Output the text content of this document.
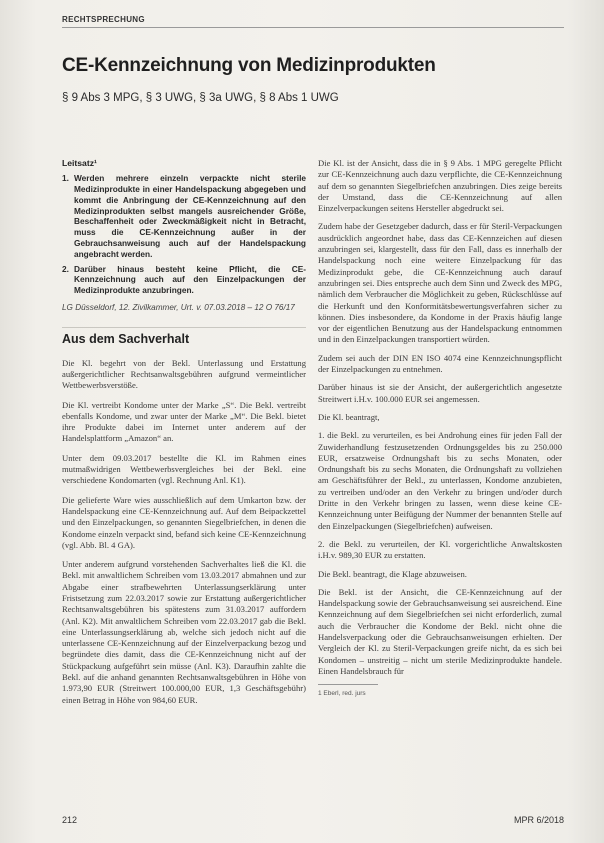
RECHTSPRECHUNG
CE-Kennzeichnung von Medizinprodukten
§ 9 Abs 3 MPG, § 3 UWG, § 3a UWG, § 8 Abs 1 UWG
Leitsatz¹
1. Werden mehrere einzeln verpackte nicht sterile Medizinprodukte in einer Handelspackung abgegeben und kommt die Anbringung der CE-Kennzeichnung auf den Medizinprodukten selbst mangels ausreichender Größe, Beschaffenheit oder Zweckmäßigkeit nicht in Betracht, muss die CE-Kennzeichnung außer in der Gebrauchsanweisung auch auf der Handelspackung angebracht werden.
2. Darüber hinaus besteht keine Pflicht, die CE-Kennzeichnung auch auf den Einzelpackungen der Medizinprodukte anzubringen.
LG Düsseldorf, 12. Zivilkammer, Urt. v. 07.03.2018 – 12 O 76/17
Aus dem Sachverhalt

Die Kl. begehrt von der Bekl. Unterlassung und Erstattung außergerichtlicher Rechtsanwaltsgebühren aufgrund vermeintlicher Wettbewerbsverstöße.

Die Kl. vertreibt Kondome unter der Marke „S“. Die Bekl. vertreibt ebenfalls Kondome, und zwar unter der Marke „M“. Die Bekl. bietet ihre Produkte dabei im Internet unter anderem auf der Handelsplattform „Amazon“ an.

Unter dem 09.03.2017 bestellte die Kl. im Rahmen eines mutmaßwidrigen Wettbewerbsvergleiches bei der Bekl. eine verschiedene Kondomarten (vgl. Rechnung Anl. K1).

Die gelieferte Ware wies ausschließlich auf dem Umkarton bzw. der Handelspackung eine CE-Kennzeichnung auf. Auf dem Beipackzettel und den Einzelpackungen, so genannten Siegelbriefchen, in denen die Kondome einzeln verpackt sind, befand sich keine CE-Kennzeichnung (vgl. Abb. Bl. 4 GA).

Unter anderem aufgrund vorstehenden Sachverhaltes ließ die Kl. die Bekl. mit anwaltlichem Schreiben vom 13.03.2017 abmahnen und zur Abgabe einer strafbewehrten Unterlassungserklärung unter Fristsetzung zum 22.03.2017 sowie zur Erstattung außergerichtlicher Rechtsanwaltsgebühren bis spätestens zum 31.03.2017 auffordern (Anl. K2). Mit anwaltlichem Schreiben vom 22.03.2017 gab die Bekl. eine Unterlassungserklärung ab, welche sich jedoch nicht auf die unterlassene CE-Kennzeichnung auf der Einzelverpackung bezog und begründete dies damit, dass die CE-Kennzeichnung nicht auf der Stückpackung aufgeführt sein müsse (Anl. K3). Daraufhin zahlte die Bekl. auf die anhand genannten Rechtsanwaltsgebühren in Höhe von 1.973,90 EUR (Streitwert 100.000,00 EUR, 1,3 Geschäftsgebühr) einen Betrag in Höhe von 984,60 EUR.

Die Kl. ist der Ansicht, dass die in § 9 Abs. 1 MPG geregelte Pflicht zur CE-Kennzeichnung auch dazu verpflichte, die CE-Kennzeichnung auf dem so genannten Siegelbriefchen anzubringen. Dies zeige bereits der Umstand, dass die CE-Kennzeichnung auf allen Einzelverpackungen seitens Hersteller abgedruckt sei.

Zudem habe der Gesetzgeber dadurch, dass er für Steril-Verpackungen ausdrücklich angeordnet habe, dass das CE-Kennzeichen auf diesen anzubringen sei, klargestellt, dass für den Fall, dass es innerhalb der Handelspackung noch eine weitere Einzelpackung für das Medizinprodukt gebe, die CE-Kennzeichnung auch darauf anzubringen sei. Dies entspreche auch dem Sinn und Zweck des MPG, nämlich dem Verbraucher die Möglichkeit zu geben, Rückschlüsse auf die Herkunft und den Konformitätsbewertungsverfahren sicher zu können. Dies insbesondere, da Kondome in der Praxis häufig lange vor der eigentlichen Benutzung aus der Handelspackung entnommen und in den Einzelpackungen transportiert würden.

Zudem sei auch der DIN EN ISO 4074 eine Kennzeichnungspflicht der Einzelpackungen zu entnehmen.

Darüber hinaus ist sie der Ansicht, der außergerichtlich angesetzte Streitwert i.H.v. 100.000 EUR sei angemessen.

Die Kl. beantragt,

1. die Bekl. zu verurteilen, es bei Androhung eines für jeden Fall der Zuwiderhandlung festzusetzenden Ordnungsgeldes bis zu 250.000 EUR, ersatzweise Ordnungshaft bis zu sechs Monaten, oder Ordnungshaft bis zu sechs Monaten, die Ordnungshaft zu vollziehen am Geschäftsführer der Bekl., zu unterlassen, Kondome anzubieten, zu vertreiben und/oder an den Verkehr zu bringen und/oder durch Dritte in den Verkehr bringen zu lassen, wenn diese keine CE-Kennzeichnung unter Beifügung der Nummer der benannten Stelle auf den Einzelpackungen (Siegelbriefchen) aufweisen.

2. die Bekl. zu verurteilen, der Kl. vorgerichtliche Anwaltskosten i.H.v. 989,30 EUR zu erstatten.

Die Bekl. beantragt, die Klage abzuweisen.

Die Bekl. ist der Ansicht, die CE-Kennzeichnung auf der Handelspackung sowie der Gebrauchsanweisung sei ausreichend. Eine Kennzeichnung auf dem Siegelbriefchen sei nicht erforderlich, zumal auch die Verbraucher die Kondome der Bekl. nicht ohne die Handelsverpackung oder die Gebrauchsanweisungen erhielten. Der Vergleich der Kl. zu Steril-Verpackungen greife nicht, da es sich bei Kondomen – unstreitig – nicht um sterile Medizinprodukte handele. Einen Handelsbrauch für

1 Eberl, red. jurs
212	MPR 6/2018
